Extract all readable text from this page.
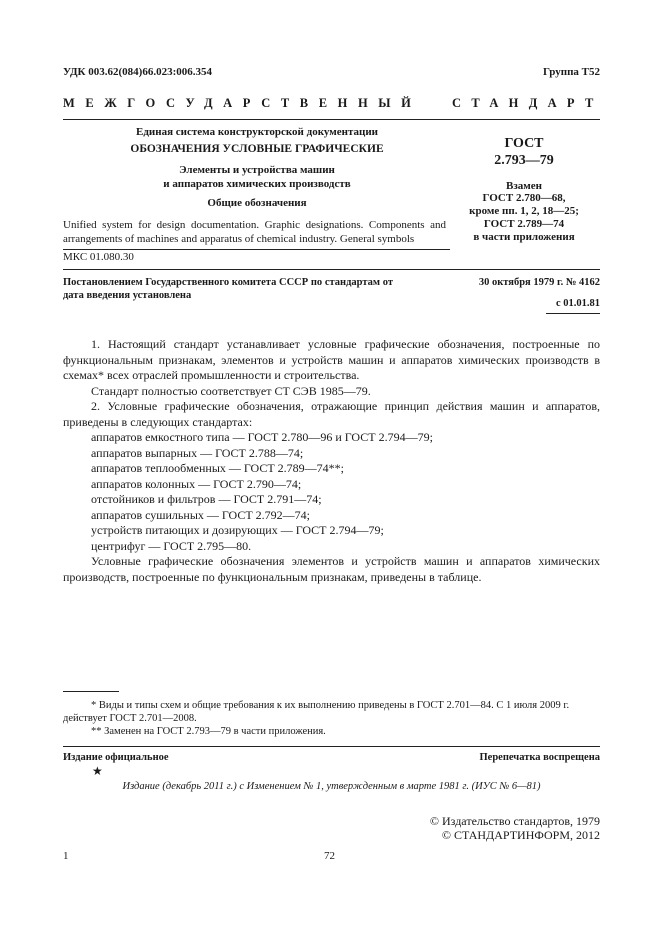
УДК 003.62(084)66.023:006.354	Группа Т52
МЕЖГОСУДАРСТВЕННЫЙ СТАНДАРТ
Единая система конструкторской документации
ОБОЗНАЧЕНИЯ УСЛОВНЫЕ ГРАФИЧЕСКИЕ
Элементы и устройства машин
и аппаратов химических производств
Общие обозначения
Unified system for design documentation. Graphic designations. Components and
arrangements of machines and apparatus of chemical industry. General symbols
МКС 01.080.30
ГОСТ
2.793—79
Взамен
ГОСТ 2.780—68,
кроме пп. 1, 2, 18—25;
ГОСТ 2.789—74
в части приложения
Постановлением Государственного комитета СССР по стандартам от	30 октября 1979 г. № 4162
дата введения установлена
с 01.01.81
1. Настоящий стандарт устанавливает условные графические обозначения, построенные по функциональным признакам, элементов и устройств машин и аппаратов химических производств в схемах* всех отраслей промышленности и строительства.
Стандарт полностью соответствует СТ СЭВ 1985—79.
2. Условные графические обозначения, отражающие принцип действия машин и аппаратов, приведены в следующих стандартах:
аппаратов емкостного типа — ГОСТ 2.780—96 и ГОСТ 2.794—79;
аппаратов выпарных — ГОСТ 2.788—74;
аппаратов теплообменных — ГОСТ 2.789—74**;
аппаратов колонных — ГОСТ 2.790—74;
отстойников и фильтров — ГОСТ 2.791—74;
аппаратов сушильных — ГОСТ 2.792—74;
устройств питающих и дозирующих — ГОСТ 2.794—79;
центрифуг — ГОСТ 2.795—80.
Условные графические обозначения элементов и устройств машин и аппаратов химических производств, построенные по функциональным признакам, приведены в таблице.
* Виды и типы схем и общие требования к их выполнению приведены в ГОСТ 2.701—84. С 1 июля 2009 г.
действует ГОСТ 2.701—2008.
** Заменен на ГОСТ 2.793—79 в части приложения.
Издание официальное	Перепечатка воспрещена
★
Издание (декабрь 2011 г.) с Изменением № 1, утвержденным в марте 1981 г. (ИУС № 6—81)
© Издательство стандартов, 1979
© СТАНДАРТИНФОРМ, 2012
1	72
